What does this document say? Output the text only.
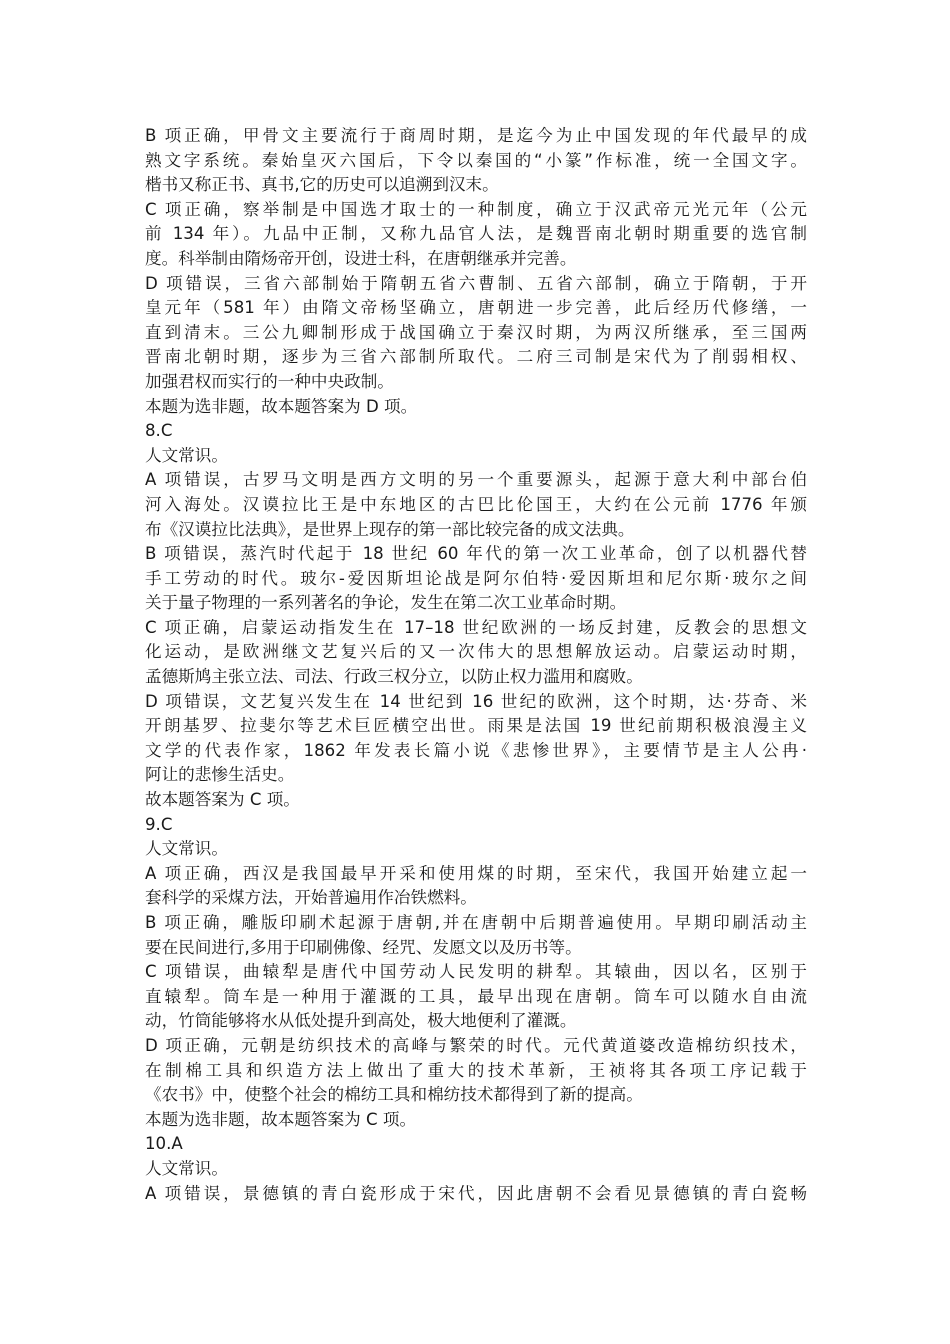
B 项正确，甲骨文主要流行于商周时期，是迄今为止中国发现的年代最早的成
熟文字系统。秦始皇灭六国后，下令以秦国的“小篆”作标准，统一全国文字。
楷书又称正书、真书,它的历史可以追溯到汉末。
C 项正确，察举制是中国选才取士的一种制度，确立于汉武帝元光元年（公元
前 134 年）。九品中正制，又称九品官人法，是魏晋南北朝时期重要的选官制
度。科举制由隋炀帝开创，设进士科，在唐朝继承并完善。
D 项错误，三省六部制始于隋朝五省六曹制、五省六部制，确立于隋朝，于开
皇元年（581 年）由隋文帝杨坚确立，唐朝进一步完善，此后经历代修缮，一
直到清末。三公九卿制形成于战国确立于秦汉时期，为两汉所继承，至三国两
晋南北朝时期，逐步为三省六部制所取代。二府三司制是宋代为了削弱相权、
加强君权而实行的一种中央政制。
本题为选非题，故本题答案为 D 项。
8.C
人文常识。
A 项错误，古罗马文明是西方文明的另一个重要源头，起源于意大利中部台伯
河入海处。汉谟拉比王是中东地区的古巴比伦国王，大约在公元前 1776 年颁
布《汉谟拉比法典》，是世界上现存的第一部比较完备的成文法典。
B 项错误，蒸汽时代起于 18 世纪 60 年代的第一次工业革命，创了以机器代替
手工劳动的时代。玻尔-爱因斯坦论战是阿尔伯特·爱因斯坦和尼尔斯·玻尔之间
关于量子物理的一系列著名的争论，发生在第二次工业革命时期。
C 项正确，启蒙运动指发生在 17–18 世纪欧洲的一场反封建，反教会的思想文
化运动，是欧洲继文艺复兴后的又一次伟大的思想解放运动。启蒙运动时期，
孟德斯鸠主张立法、司法、行政三权分立，以防止权力滥用和腐败。
D 项错误，文艺复兴发生在 14 世纪到 16 世纪的欧洲，这个时期，达·芬奇、米
开朗基罗、拉斐尔等艺术巨匠横空出世。雨果是法国 19 世纪前期积极浪漫主义
文学的代表作家，1862 年发表长篇小说《悲惨世界》，主要情节是主人公冉·
阿让的悲惨生活史。
故本题答案为 C 项。
9.C
人文常识。
A 项正确，西汉是我国最早开采和使用煤的时期，至宋代，我国开始建立起一
套科学的采煤方法，开始普遍用作冶铁燃料。
B 项正确，雕版印刷术起源于唐朝,并在唐朝中后期普遍使用。早期印刷活动主
要在民间进行,多用于印刷佛像、经咒、发愿文以及历书等。
C 项错误，曲辕犁是唐代中国劳动人民发明的耕犁。其辕曲，因以名，区别于
直辕犁。筒车是一种用于灌溉的工具，最早出现在唐朝。筒车可以随水自由流
动，竹筒能够将水从低处提升到高处，极大地便利了灌溉。
D 项正确，元朝是纺织技术的高峰与繁荣的时代。元代黄道婆改造棉纺织技术，
在制棉工具和织造方法上做出了重大的技术革新，王祯将其各项工序记载于
《农书》中，使整个社会的棉纺工具和棉纺技术都得到了新的提高。
本题为选非题，故本题答案为 C 项。
10.A
人文常识。
A 项错误，景德镇的青白瓷形成于宋代，因此唐朝不会看见景德镇的青白瓷畅
